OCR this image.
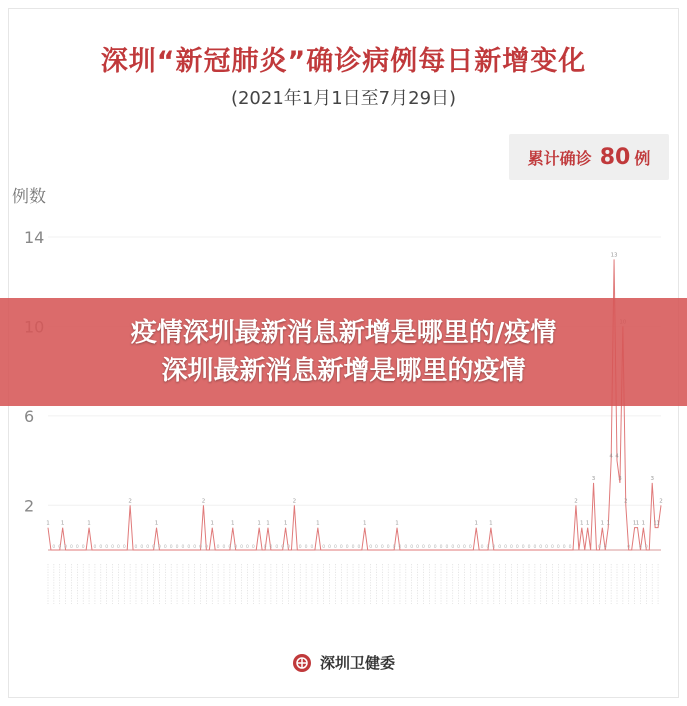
深圳“新冠肺炎”确诊病例每日新增变化
(2021年1月1日至7月29日)
累计确诊 80 例
例数
2
6
14
0 0 0 0 0 0 0 0 0 0 0 0 0 0 0 0 0 0 0 0 0 0 0 0 0 0 0 0 0 0 0 0 0 0 0 0 0 0 0 0 0 0 0 0 0 0 0 0 0 0 0 0 0 0 0 0 0 0 0 0 0 0 0 0 0 0 0 0 0 0 0 0 0 0 0 0 0 0 0 0 0	0 0	0 0 0
1 1	1
2
1
2
1	1	1 1	1
2
1	1	1	1 1
2
1 1
3
1 1
4
13
4
3
2
1 1 1
3
1 1
2
疫情深圳最新消息新增是哪里的/疫情
深圳最新消息新增是哪里的疫情
深圳卫健委
